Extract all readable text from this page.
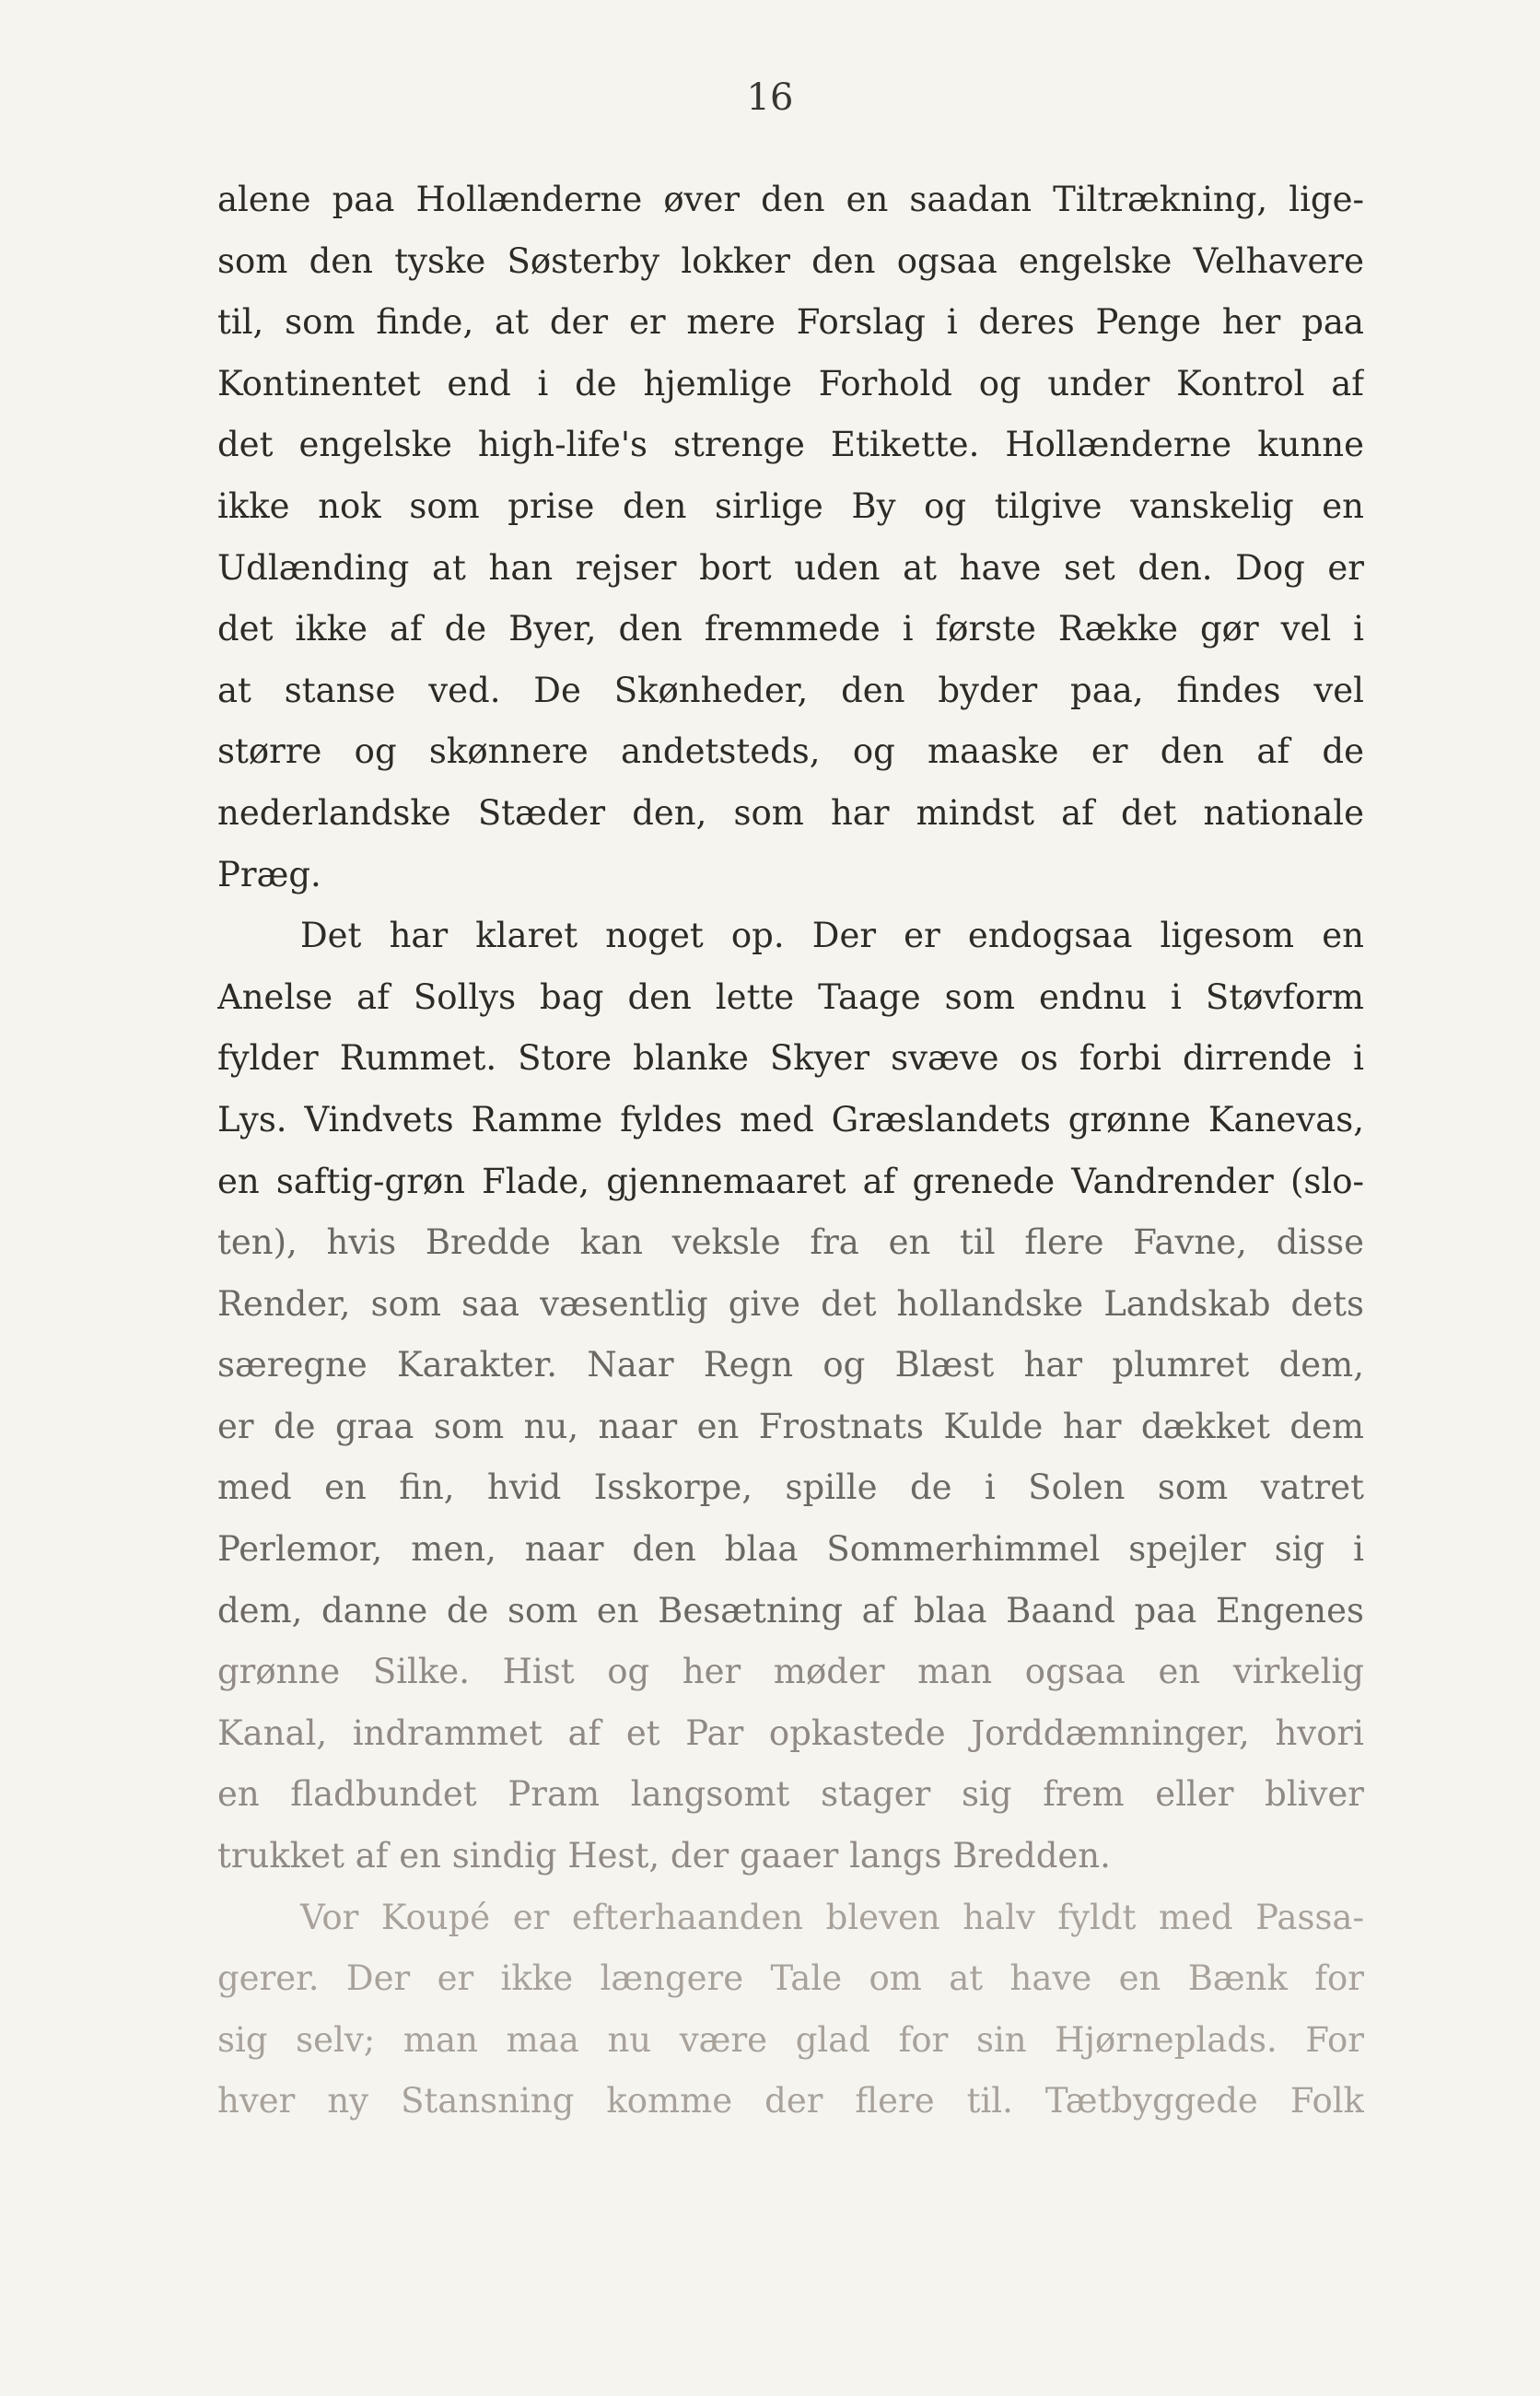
16
alene paa Hollænderne øver den en saadan Tiltrækning, lige-
som den tyske Søsterby lokker den ogsaa engelske Velhavere
til, som finde, at der er mere Forslag i deres Penge her paa
Kontinentet end i de hjemlige Forhold og under Kontrol af
det engelske high-life's strenge Etikette. Hollænderne kunne
ikke nok som prise den sirlige By og tilgive vanskelig en
Udlænding at han rejser bort uden at have set den. Dog er
det ikke af de Byer, den fremmede i første Række gør vel i
at stanse ved. De Skønheder, den byder paa, findes vel
større og skønnere andetsteds, og maaske er den af de
nederlandske Stæder den, som har mindst af det nationale
Præg.
Det har klaret noget op. Der er endogsaa ligesom en
Anelse af Sollys bag den lette Taage som endnu i Støvform
fylder Rummet. Store blanke Skyer svæve os forbi dirrende i
Lys. Vindvets Ramme fyldes med Græslandets grønne Kanevas,
en saftig-grøn Flade, gjennemaaret af grenede Vandrender (slo-
ten), hvis Bredde kan veksle fra en til flere Favne, disse
Render, som saa væsentlig give det hollandske Landskab dets
særegne Karakter. Naar Regn og Blæst har plumret dem,
er de graa som nu, naar en Frostnats Kulde har dækket dem
med en fin, hvid Isskorpe, spille de i Solen som vatret
Perlemor, men, naar den blaa Sommerhimmel spejler sig i
dem, danne de som en Besætning af blaa Baand paa Engenes
grønne Silke. Hist og her møder man ogsaa en virkelig
Kanal, indrammet af et Par opkastede Jorddæmninger, hvori
en fladbundet Pram langsomt stager sig frem eller bliver
trukket af en sindig Hest, der gaaer langs Bredden.
Vor Koupé er efterhaanden bleven halv fyldt med Passa-
gerer. Der er ikke længere Tale om at have en Bænk for
sig selv; man maa nu være glad for sin Hjørneplads. For
hver ny Stansning komme der flere til. Tætbyggede Folk
